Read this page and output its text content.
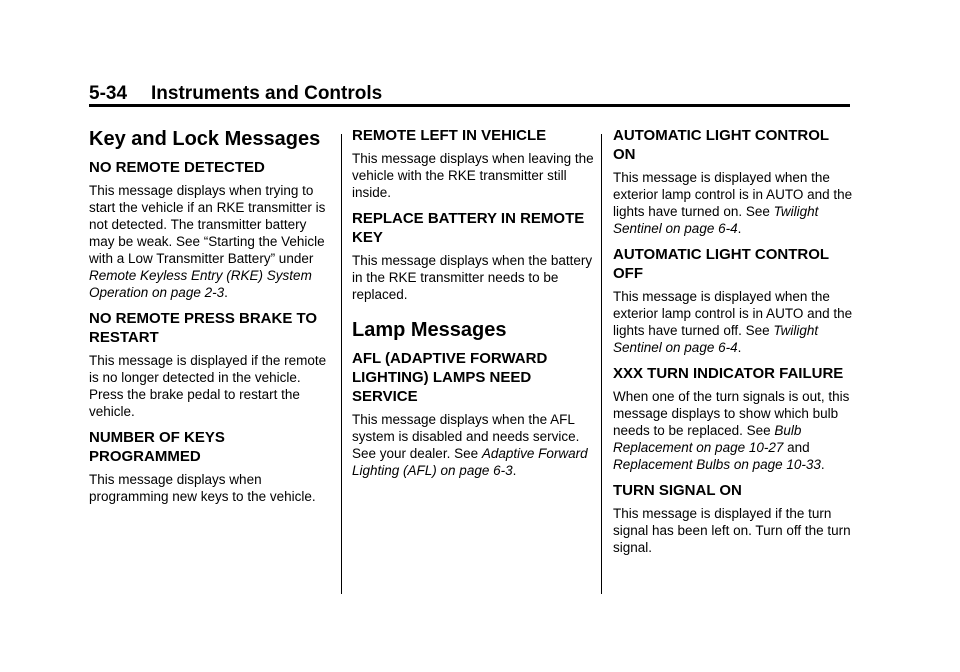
5-34 Instruments and Controls
Key and Lock Messages
NO REMOTE DETECTED

This message displays when trying to start the vehicle if an RKE transmitter is not detected. The transmitter battery may be weak. See “Starting the Vehicle with a Low Transmitter Battery” under Remote Keyless Entry (RKE) System Operation on page 2-3.

NO REMOTE PRESS BRAKE TO RESTART

This message is displayed if the remote is no longer detected in the vehicle. Press the brake pedal to restart the vehicle.

NUMBER OF KEYS PROGRAMMED

This message displays when programming new keys to the vehicle.

REMOTE LEFT IN VEHICLE

This message displays when leaving the vehicle with the RKE transmitter still inside.

REPLACE BATTERY IN REMOTE KEY

This message displays when the battery in the RKE transmitter needs to be replaced.

Lamp Messages
AFL (ADAPTIVE FORWARD LIGHTING) LAMPS NEED SERVICE

This message displays when the AFL system is disabled and needs service. See your dealer. See Adaptive Forward Lighting (AFL) on page 6-3.

AUTOMATIC LIGHT CONTROL ON

This message is displayed when the exterior lamp control is in AUTO and the lights have turned on. See Twilight Sentinel on page 6-4.

AUTOMATIC LIGHT CONTROL OFF

This message is displayed when the exterior lamp control is in AUTO and the lights have turned off. See Twilight Sentinel on page 6-4.

XXX TURN INDICATOR FAILURE

When one of the turn signals is out, this message displays to show which bulb needs to be replaced. See Bulb Replacement on page 10-27 and Replacement Bulbs on page 10-33.

TURN SIGNAL ON

This message is displayed if the turn signal has been left on. Turn off the turn signal.
